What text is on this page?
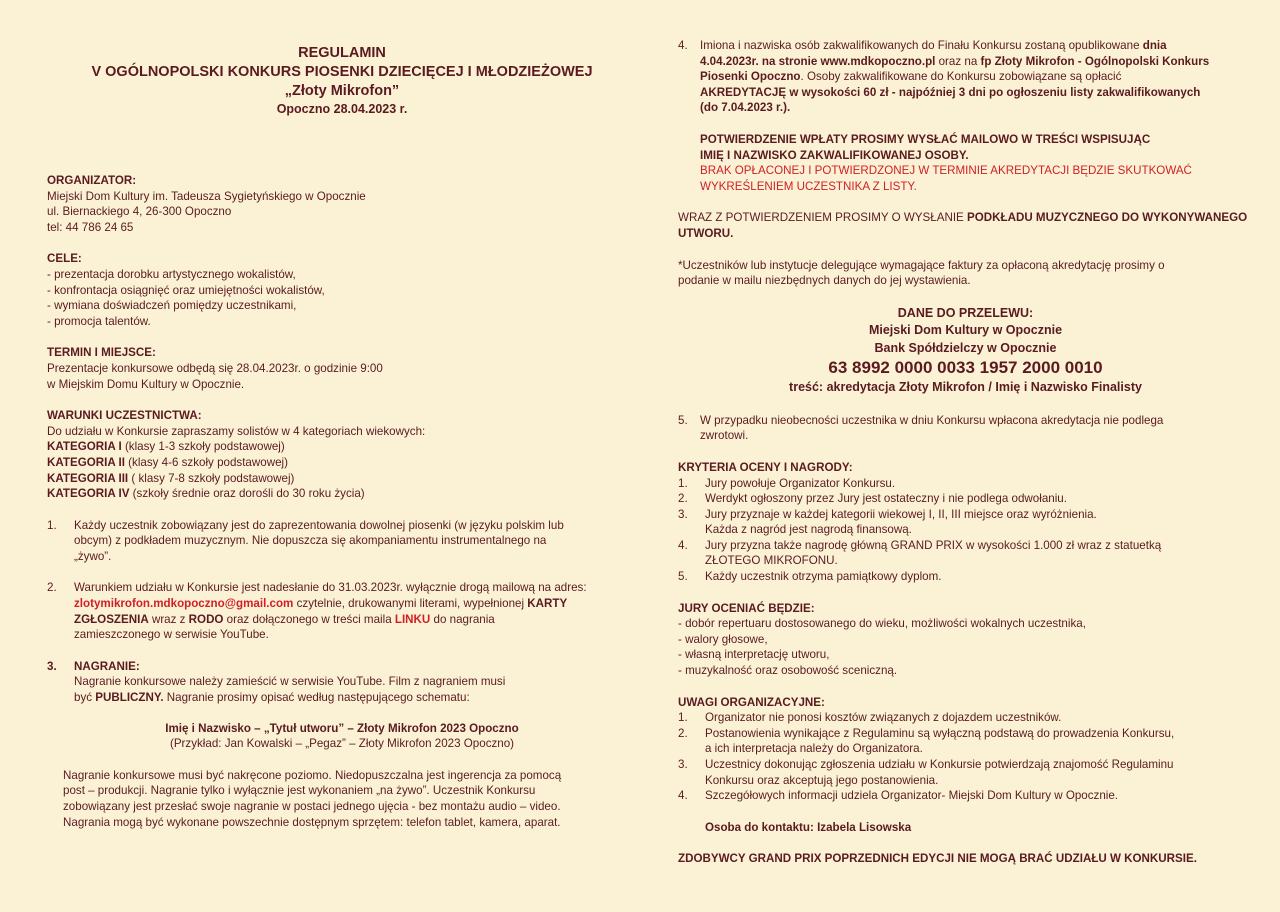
REGULAMIN
V OGÓLNOPOLSKI KONKURS PIOSENKI DZIECIĘCEJ I MŁODZIEŻOWEJ
„Złoty Mikrofon”
Opoczno 28.04.2023 r.
ORGANIZATOR:
Miejski Dom Kultury im. Tadeusza Sygietyńskiego w Opocznie
ul. Biernackiego 4, 26-300 Opoczno
tel: 44 786 24 65
CELE:
- prezentacja dorobku artystycznego wokalistów,
- konfrontacja osiągnięć oraz umiejętności wokalistów,
- wymiana doświadczeń pomiędzy uczestnikami,
- promocja talentów.
TERMIN I MIEJSCE:
Prezentacje konkursowe odbędą się 28.04.2023r. o godzinie 9:00
w Miejskim Domu Kultury w Opocznie.
WARUNKI UCZESTNICTWA:
Do udziału w Konkursie zapraszamy solistów w 4 kategoriach wiekowych:
KATEGORIA I (klasy 1-3 szkoły podstawowej)
KATEGORIA II (klasy 4-6 szkoły podstawowej)
KATEGORIA III ( klasy 7-8 szkoły podstawowej)
KATEGORIA IV (szkoły średnie oraz dorośli do 30 roku życia)
1.	Każdy uczestnik zobowiązany jest do zaprezentowania dowolnej piosenki (w języku polskim lub
obcym) z podkładem muzycznym. Nie dopuszcza się akompaniamentu instrumentalnego na
„żywo”.
2.	Warunkiem udziału w Konkursie jest nadesłanie do 31.03.2023r. wyłącznie drogą mailową na adres:
zlotymikrofon.mdkopoczno@gmail.com czytelnie, drukowanymi literami, wypełnionej KARTY
ZGŁOSZENIA wraz z RODO oraz dołączonego w treści maila LINKU do nagrania
zamieszczonego w serwisie YouTube.
3.	NAGRANIE:
Nagranie konkursowe należy zamieścić w serwisie YouTube. Film z nagraniem musi
być PUBLICZNY. Nagranie prosimy opisać według następującego schematu:
Imię i Nazwisko – „Tytuł utworu” – Złoty Mikrofon 2023 Opoczno
(Przykład: Jan Kowalski – „Pegaz” – Złoty Mikrofon 2023 Opoczno)
Nagranie konkursowe musi być nakręcone poziomo. Niedopuszczalna jest ingerencja za pomocą
post – produkcji. Nagranie tylko i wyłącznie jest wykonaniem „na żywo”. Uczestnik Konkursu
zobowiązany jest przesłać swoje nagranie w postaci jednego ujęcia - bez montażu audio – video.
Nagrania mogą być wykonane powszechnie dostępnym sprzętem: telefon tablet, kamera, aparat.
4.	Imiona i nazwiska osób zakwalifikowanych do Finału Konkursu zostaną opublikowane dnia
4.04.2023r. na stronie www.mdkopoczno.pl oraz na fp Złoty Mikrofon - Ogólnopolski Konkurs
Piosenki Opoczno. Osoby zakwalifikowane do Konkursu zobowiązane są opłacić
AKREDYTACJĘ w wysokości 60 zł - najpóźniej 3 dni po ogłoszeniu listy zakwalifikowanych
(do 7.04.2023 r.).
POTWIERDZENIE WPŁATY PROSIMY WYSŁAĆ MAILOWO W TREŚCI WSPISUJĄC
IMIĘ I NAZWISKO ZAKWALIFIKOWANEJ OSOBY.
BRAK OPŁACONEJ I POTWIERDZONEJ W TERMINIE AKREDYTACJI BĘDZIE SKUTKOWAĆ
WYKREŚLENIEM UCZESTNIKA Z LISTY.
WRAZ Z POTWIERDZENIEM PROSIMY O WYSŁANIE PODKŁADU MUZYCZNEGO DO WYKONYWANEGO
UTWORU.
*Uczestników lub instytucje delegujące wymagające faktury za opłaconą akredytację prosimy o
podanie w mailu niezbędnych danych do jej wystawienia.
DANE DO PRZELEWU:
Miejski Dom Kultury w Opocznie
Bank Spółdzielczy w Opocznie
63 8992 0000 0033 1957 2000 0010
treść: akredytacja Złoty Mikrofon / Imię i Nazwisko Finalisty
5.	W przypadku nieobecności uczestnika w dniu Konkursu wpłacona akredytacja nie podlega
zwrotowi.
KRYTERIA OCENY I NAGRODY:
1.	Jury powołuje Organizator Konkursu.
2.	Werdykt ogłoszony przez Jury jest ostateczny i nie podlega odwołaniu.
3.	Jury przyznaje w każdej kategorii wiekowej I, II, III miejsce oraz wyróżnienia.
Każda z nagród jest nagrodą finansową.
4.	Jury przyzna także nagrodę główną GRAND PRIX w wysokości 1.000 zł wraz z statuetką
ZŁOTEGO MIKROFONU.
5.	Każdy uczestnik otrzyma pamiątkowy dyplom.
JURY OCENIAĆ BĘDZIE:
- dobór repertuaru dostosowanego do wieku, możliwości wokalnych uczestnika,
- walory głosowe,
- własną interpretację utworu,
- muzykalność oraz osobowość sceniczną.
UWAGI ORGANIZACYJNE:
1.	Organizator nie ponosi kosztów związanych z dojazdem uczestników.
2.	Postanowienia wynikające z Regulaminu są wyłączną podstawą do prowadzenia Konkursu,
a ich interpretacja należy do Organizatora.
3.	Uczestnicy dokonując zgłoszenia udziału w Konkursie potwierdzają znajomość Regulaminu
Konkursu oraz akceptują jego postanowienia.
4.	Szczegółowych informacji udziela Organizator- Miejski Dom Kultury w Opocznie.
Osoba do kontaktu: Izabela Lisowska
ZDOBYWCY GRAND PRIX POPRZEDNICH EDYCJI NIE MOGĄ BRAĆ UDZIAŁU W KONKURSIE.
